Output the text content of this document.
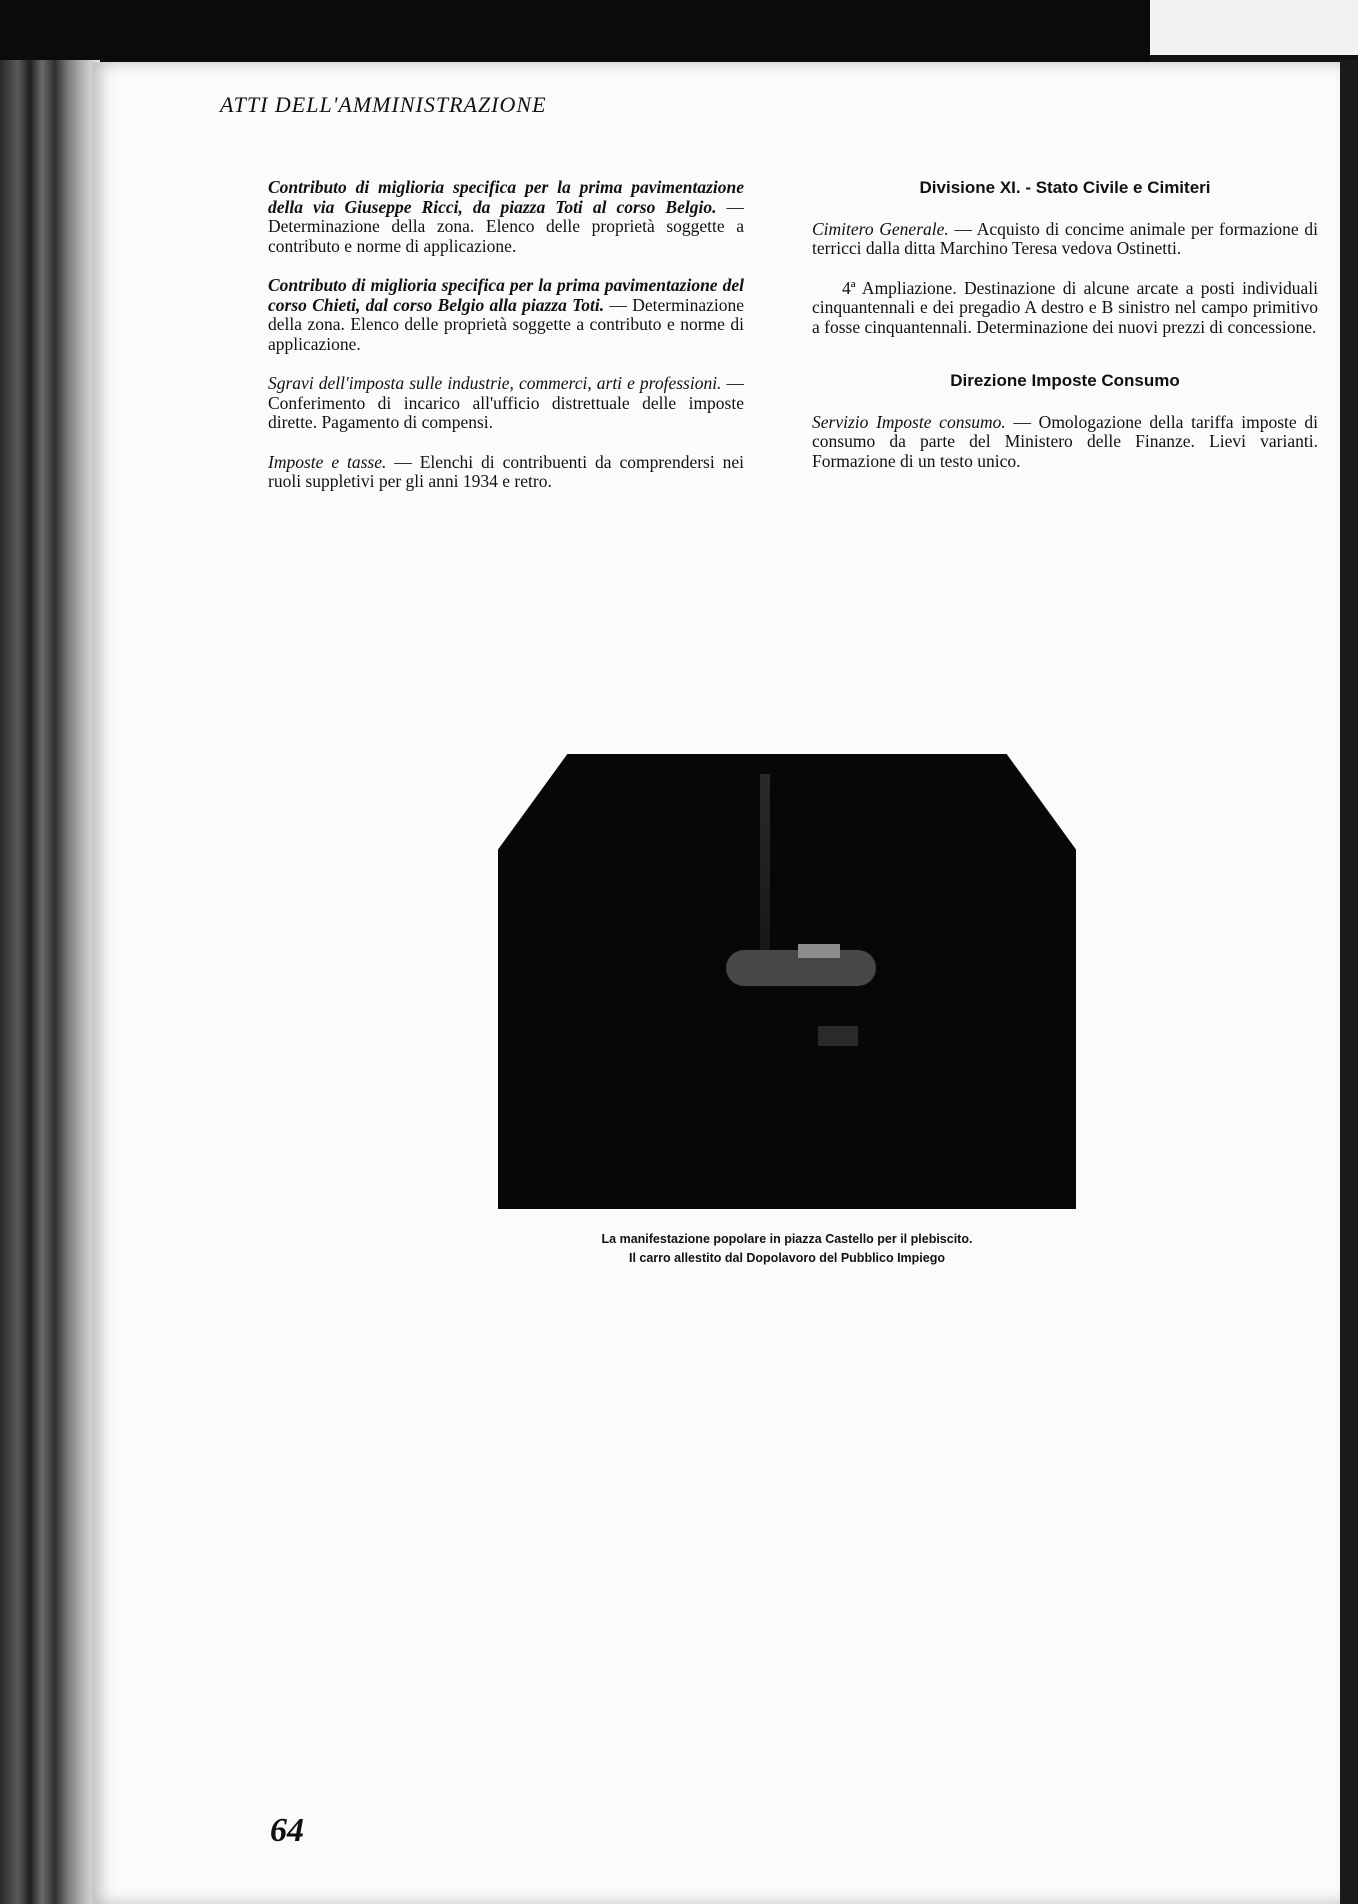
ATTI DELL'AMMINISTRAZIONE

Contributo di miglioria specifica per la prima pavimentazione della via Giuseppe Ricci, da piazza Toti al corso Belgio. — Determinazione della zona. Elenco delle proprietà soggette a contributo e norme di applicazione.

Contributo di miglioria specifica per la prima pavimentazione del corso Chieti, dal corso Belgio alla piazza Toti. — Determinazione della zona. Elenco delle proprietà soggette a contributo e norme di applicazione.

Sgravi dell'imposta sulle industrie, commerci, arti e professioni. — Conferimento di incarico all'ufficio distrettuale delle imposte dirette. Pagamento di compensi.

Imposte e tasse. — Elenchi di contribuenti da comprendersi nei ruoli suppletivi per gli anni 1934 e retro.

Divisione XI. - Stato Civile e Cimiteri

Cimitero Generale. — Acquisto di concime animale per formazione di terricci dalla ditta Marchino Teresa vedova Ostinetti.

4ª Ampliazione. Destinazione di alcune arcate a posti individuali cinquantennali e dei pregadio A destro e B sinistro nel campo primitivo a fosse cinquantennali. Determinazione dei nuovi prezzi di concessione.

Direzione Imposte Consumo

Servizio Imposte consumo. — Omologazione della tariffa imposte di consumo da parte del Ministero delle Finanze. Lievi varianti. Formazione di un testo unico.

La manifestazione popolare in piazza Castello per il plebiscito.
Il carro allestito dal Dopolavoro del Pubblico Impiego
64
